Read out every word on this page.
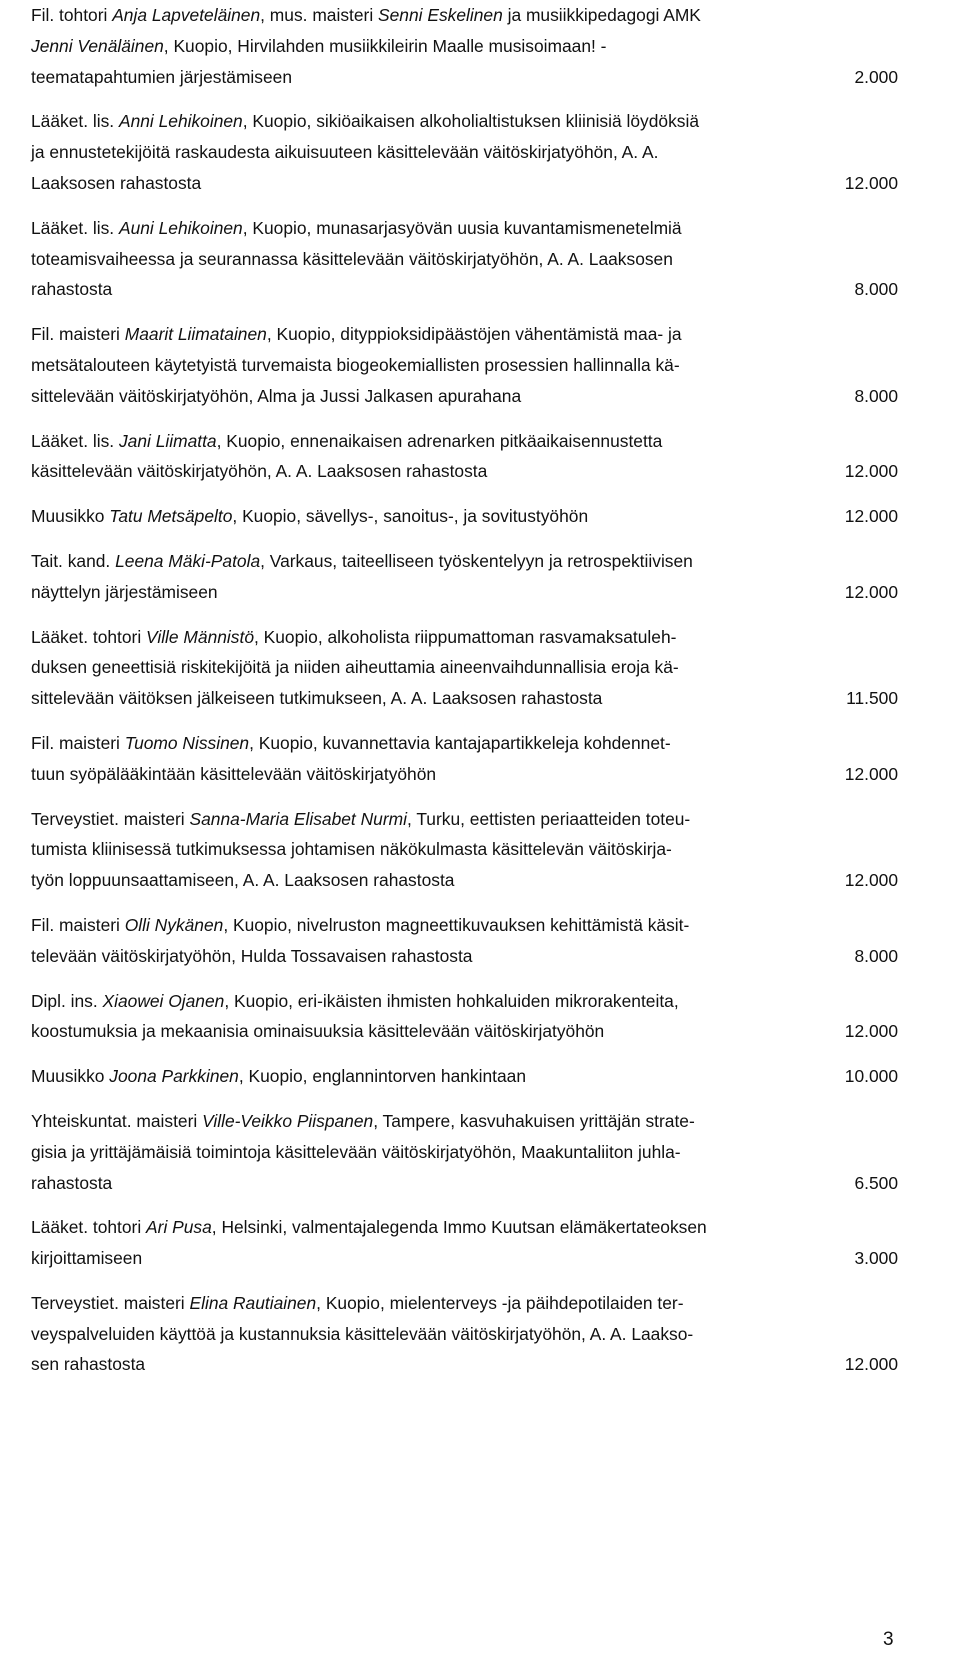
Fil. tohtori Anja Lapveteläinen, mus. maisteri Senni Eskelinen ja musiikkipedagogi AMK
Jenni Venäläinen, Kuopio, Hirvilahden musiikkileirin Maalle musisoimaan! -
teematapahtumien järjestämiseen	2.000
Lääket. lis. Anni Lehikoinen, Kuopio, sikiöaikaisen alkoholialtistuksen kliinisiä löydöksiä
ja ennustetekijöitä raskaudesta aikuisuuteen käsittelevään väitöskirjatyöhön, A. A.
Laaksosen rahastosta	12.000
Lääket. lis. Auni Lehikoinen, Kuopio, munasarjasyövän uusia kuvantamismenetelmiä
toteamisvaiheessa ja seurannassa käsittelevään väitöskirjatyöhön, A. A. Laaksosen
rahastosta	8.000
Fil. maisteri Maarit Liimatainen, Kuopio, dityppioksidipäästöjen vähentämistä maa- ja
metsätalouteen käytetyistä turvemaista biogeokemiallisten prosessien hallinnalla kä-
sittelevään väitöskirjatyöhön, Alma ja Jussi Jalkasen apurahana	8.000
Lääket. lis. Jani Liimatta, Kuopio, ennenaikaisen adrenarken pitkäaikaisennustetta
käsittelevään väitöskirjatyöhön, A. A. Laaksosen rahastosta	12.000
Muusikko Tatu Metsäpelto, Kuopio, sävellys-, sanoitus-, ja sovitustyöhön	12.000
Tait. kand. Leena Mäki-Patola, Varkaus, taiteelliseen työskentelyyn ja retrospektiivisen
näyttelyn järjestämiseen	12.000
Lääket. tohtori Ville Männistö, Kuopio, alkoholista riippumattoman rasvamaksatuleh-
duksen geneettisiä riskitekijöitä ja niiden aiheuttamia aineenvaihdunnallisia eroja kä-
sittelevään väitöksen jälkeiseen tutkimukseen, A. A. Laaksosen rahastosta	11.500
Fil. maisteri Tuomo Nissinen, Kuopio, kuvannettavia kantajapartikkeleja kohdennet-
tuun syöpälääkintään käsittelevään väitöskirjatyöhön	12.000
Terveystiet. maisteri Sanna-Maria Elisabet Nurmi, Turku, eettisten periaatteiden toteu-
tumista kliinisessä tutkimuksessa johtamisen näkökulmasta käsittelevän väitöskirja-
työn loppuunsaattamiseen, A. A. Laaksosen rahastosta	12.000
Fil. maisteri Olli Nykänen, Kuopio, nivelruston magneettikuvauksen kehittämistä käsit-
televään väitöskirjatyöhön, Hulda Tossavaisen rahastosta	8.000
Dipl. ins. Xiaowei Ojanen, Kuopio, eri-ikäisten ihmisten hohkaluiden mikrorakenteita,
koostumuksia ja mekaanisia ominaisuuksia käsittelevään väitöskirjatyöhön	12.000
Muusikko Joona Parkkinen, Kuopio, englannintorven hankintaan	10.000
Yhteiskuntat. maisteri Ville-Veikko Piispanen, Tampere, kasvuhakuisen yrittäjän strate-
gisia ja yrittäjämäisiä toimintoja käsittelevään väitöskirjatyöhön, Maakuntaliiton juhla-
rahastosta	6.500
Lääket. tohtori Ari Pusa, Helsinki, valmentajalegenda Immo Kuutsan elämäkertateoksen
kirjoittamiseen	3.000
Terveystiet. maisteri Elina Rautiainen, Kuopio, mielenterveys -ja päihdepotilaiden ter-
veyspalveluiden käyttöä ja kustannuksia käsittelevään väitöskirjatyöhön, A. A. Laakso-
sen rahastosta	12.000
3
